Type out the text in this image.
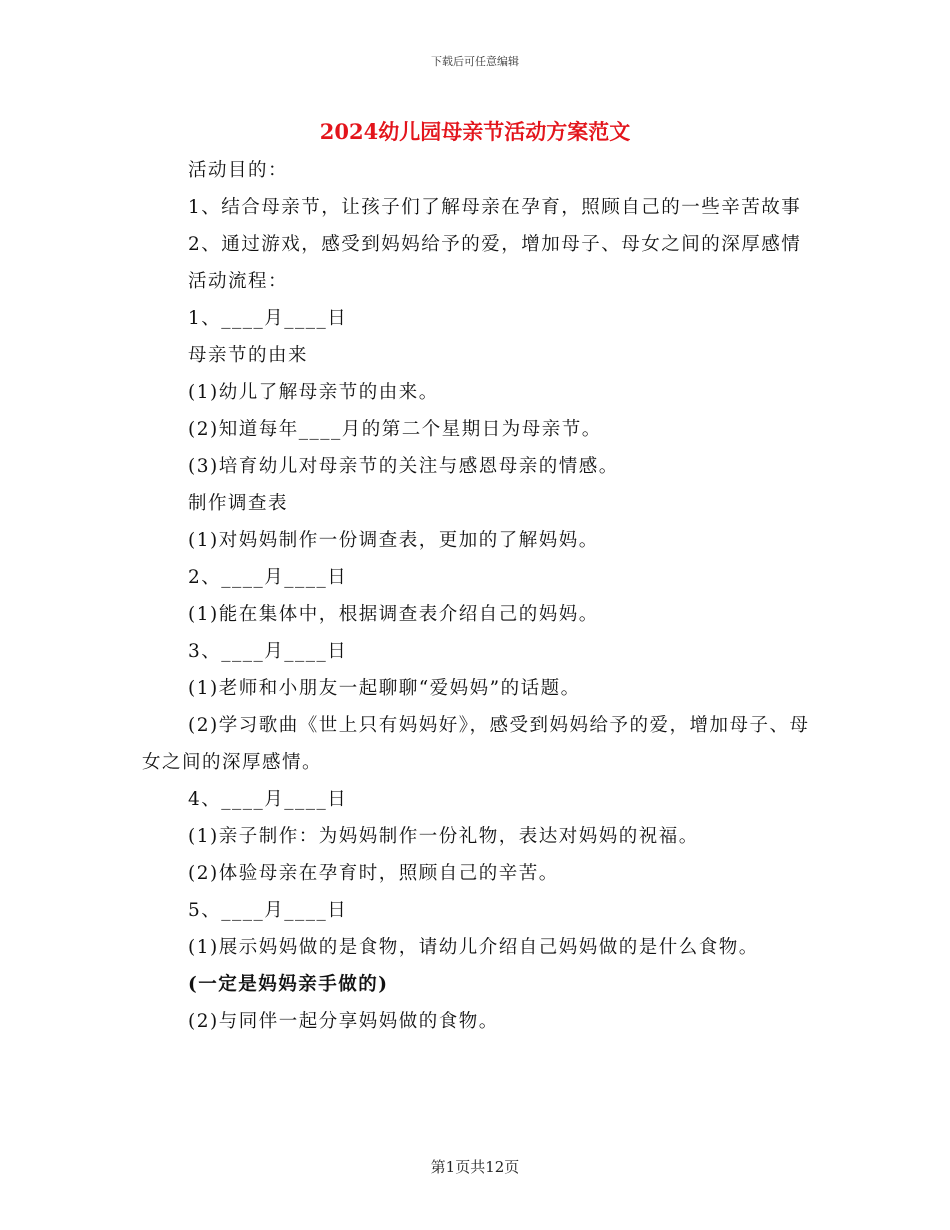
下载后可任意编辑
2024幼儿园母亲节活动方案范文

活动目的：

1、结合母亲节，让孩子们了解母亲在孕育，照顾自己的一些辛苦故事

2、通过游戏，感受到妈妈给予的爱，增加母子、母女之间的深厚感情

活动流程：

1、____月____日

母亲节的由来

(1)幼儿了解母亲节的由来。

(2)知道每年____月的第二个星期日为母亲节。

(3)培育幼儿对母亲节的关注与感恩母亲的情感。

制作调查表

(1)对妈妈制作一份调查表，更加的了解妈妈。

2、____月____日

(1)能在集体中，根据调查表介绍自己的妈妈。

3、____月____日

(1)老师和小朋友一起聊聊“爱妈妈”的话题。

(2)学习歌曲《世上只有妈妈好》，感受到妈妈给予的爱，增加母子、母女之间的深厚感情。

4、____月____日

(1)亲子制作：为妈妈制作一份礼物，表达对妈妈的祝福。

(2)体验母亲在孕育时，照顾自己的辛苦。

5、____月____日

(1)展示妈妈做的是食物，请幼儿介绍自己妈妈做的是什么食物。

(一定是妈妈亲手做的)

(2)与同伴一起分享妈妈做的食物。

第1页共12页
